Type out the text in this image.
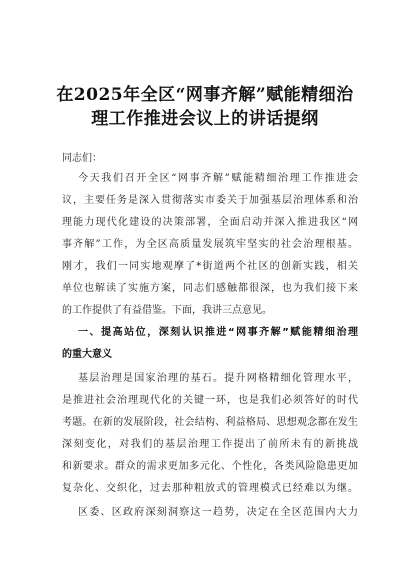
在2025年全区“网事齐解”赋能精细治
理工作推进会议上的讲话提纲
同志们：
今天我们召开全区“网事齐解”赋能精细治理工作推进会
议，主要任务是深入贯彻落实市委关于加强基层治理体系和治
理能力现代化建设的决策部署，全面启动并深入推进我区“网
事齐解”工作，为全区高质量发展筑牢坚实的社会治理根基。
刚才，我们一同实地观摩了*街道两个社区的创新实践，相关
单位也解读了实施方案，同志们感触都很深，也为我们接下来
的工作提供了有益借鉴。下面，我讲三点意见。
一、提高站位，深刻认识推进“网事齐解”赋能精细治理
的重大意义
基层治理是国家治理的基石。提升网格精细化管理水平，
是推进社会治理现代化的关键一环，也是我们必须答好的时代
考题。在新的发展阶段，社会结构、利益格局、思想观念都在发生
深刻变化，对我们的基层治理工作提出了前所未有的新挑战
和新要求。群众的需求更加多元化、个性化，各类风险隐患更加
复杂化、交织化，过去那种粗放式的管理模式已经难以为继。
区委、区政府深刻洞察这一趋势，决定在全区范围内大力
